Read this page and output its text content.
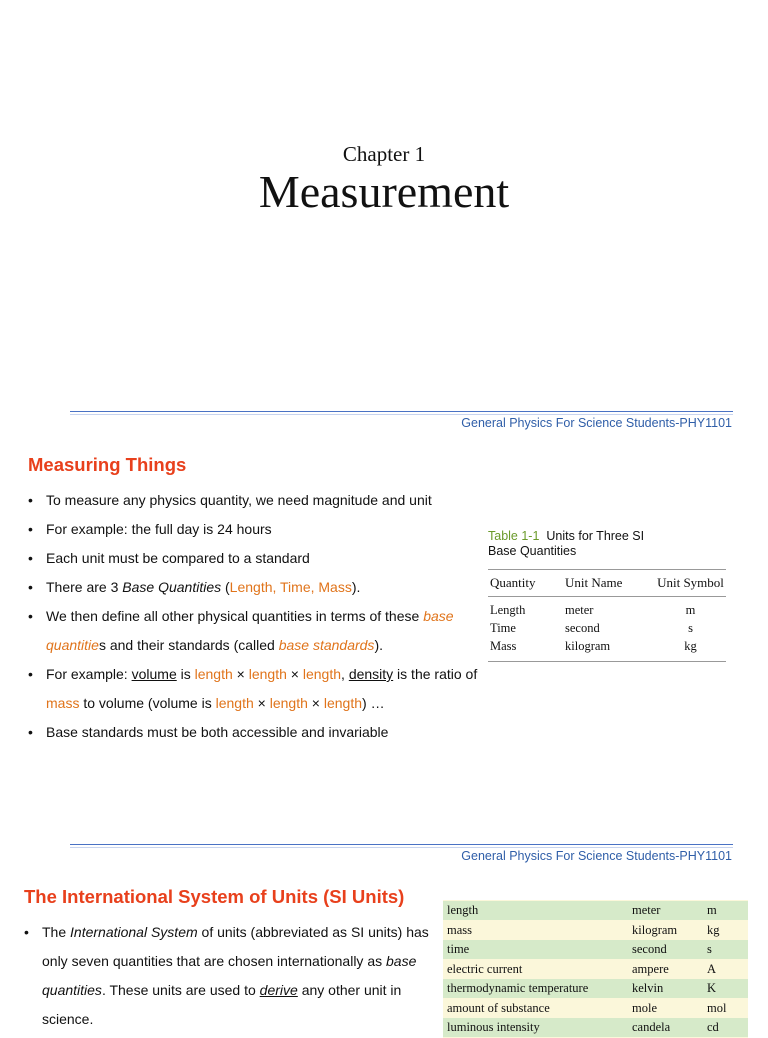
Chapter 1
Measurement
General Physics For Science Students-PHY1101
Measuring Things
• To measure any physics quantity, we need magnitude and unit
• For example: the full day is 24 hours
• Each unit must be compared to a standard
• There are 3 Base Quantities (Length, Time, Mass).
• We then define all other physical quantities in terms of these base quantities and their standards (called base standards).
• For example: volume is length × length × length, density is the ratio of mass to volume (volume is length × length × length) …
• Base standards must be both accessible and invariable
Table 1-1 Units for Three SI
Base Quantities
Quantity	Unit Name	Unit Symbol
Length	meter	m
Time	second	s
Mass	kilogram	kg
General Physics For Science Students-PHY1101
The International System of Units (SI Units)
• The International System of units (abbreviated as SI units) has only seven quantities that are chosen internationally as base quantities. These units are used to derive any other unit in science.
length	meter	m
mass	kilogram	kg
time	second	s
electric current	ampere	A
thermodynamic temperature	kelvin	K
amount of substance	mole	mol
luminous intensity	candela	cd
